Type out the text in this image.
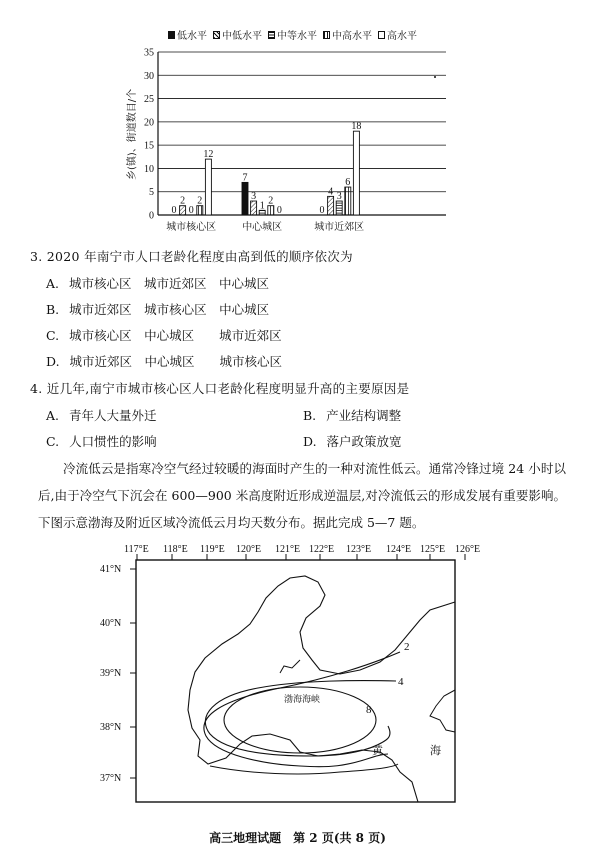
0
5
10
15
20
25
30
35
乡(镇)、街道数目/个
0
2
0
2
12
城市核心区
7
3
1 2
0
中心城区
0
4 3
6
18
城市近郊区
低水平 中低水平 中等水平 中高水平 高水平
3. 2020 年南宁市人口老龄化程度由高到低的顺序依次为
A. 城市核心区　城市近郊区　中心城区
B. 城市近郊区　城市核心区　中心城区
C. 城市核心区　中心城区　　城市近郊区
D. 城市近郊区　中心城区　　城市核心区
4. 近几年,南宁市城市核心区人口老龄化程度明显升高的主要原因是
A. 青年人大量外迁	B. 产业结构调整
C. 人口惯性的影响	D. 落户政策放宽
冷流低云是指寒冷空气经过较暖的海面时产生的一种对流性低云。通常冷锋过境 24 小时以后,由于冷空气下沉会在 600—900 米高度附近形成逆温层,对冷流低云的形成发展有重要影响。下图示意渤海及附近区域冷流低云月均天数分布。据此完成 5—7 题。
117°E 118°E 119°E 120°E 121°E 122°E 123°E 124°E 125°E 126°E
41°N
40°N
39°N
38°N
37°N
2
4
8
渤海海峡
黄	海
高三地理试题　第 2 页(共 8 页)
